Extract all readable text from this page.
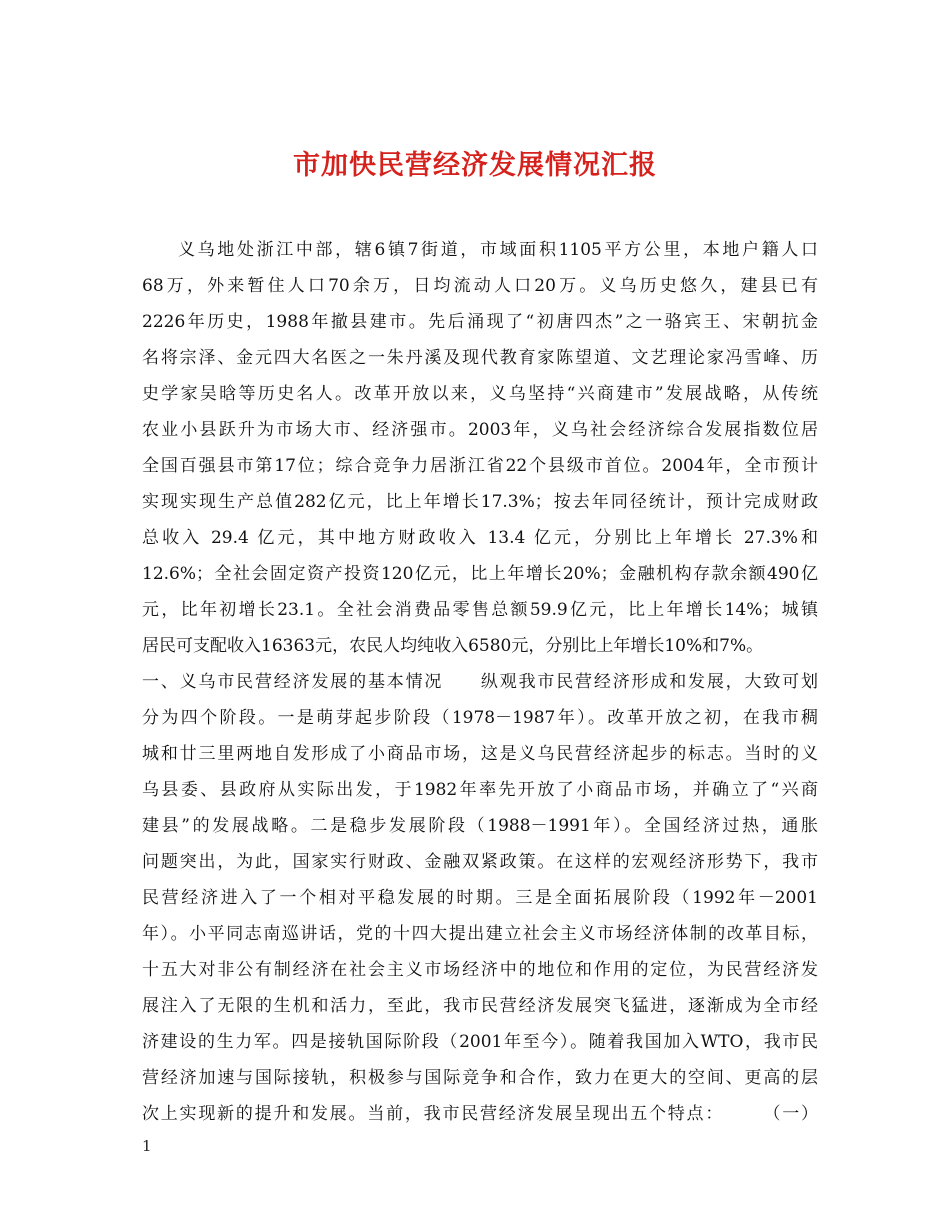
市加快民营经济发展情况汇报
义乌地处浙江中部，辖6镇7街道，市域面积1105平方公里，本地户籍人口
68万，外来暂住人口70余万，日均流动人口20万。义乌历史悠久，建县已有
2226年历史，1988年撤县建市。先后涌现了“初唐四杰”之一骆宾王、宋朝抗金
名将宗泽、金元四大名医之一朱丹溪及现代教育家陈望道、文艺理论家冯雪峰、历
史学家吴晗等历史名人。改革开放以来，义乌坚持“兴商建市”发展战略，从传统
农业小县跃升为市场大市、经济强市。2003年，义乌社会经济综合发展指数位居
全国百强县市第17位；综合竞争力居浙江省22个县级市首位。2004年，全市预计
实现实现生产总值282亿元，比上年增长17.3%；按去年同径统计，预计完成财政
总收入 29.4 亿元，其中地方财政收入 13.4 亿元，分别比上年增长 27.3%和
12.6%；全社会固定资产投资120亿元，比上年增长20%；金融机构存款余额490亿
元，比年初增长23.1。全社会消费品零售总额59.9亿元，比上年增长14%；城镇
居民可支配收入16363元，农民人均纯收入6580元，分别比上年增长10%和7%。
一、义乌市民营经济发展的基本情况　　纵观我市民营经济形成和发展，大致可划
分为四个阶段。一是萌芽起步阶段（1978－1987年）。改革开放之初，在我市稠
城和廿三里两地自发形成了小商品市场，这是义乌民营经济起步的标志。当时的义
乌县委、县政府从实际出发，于1982年率先开放了小商品市场，并确立了“兴商
建县”的发展战略。二是稳步发展阶段（1988－1991年）。全国经济过热，通胀
问题突出，为此，国家实行财政、金融双紧政策。在这样的宏观经济形势下，我市
民营经济进入了一个相对平稳发展的时期。三是全面拓展阶段（1992年－2001
年）。小平同志南巡讲话，党的十四大提出建立社会主义市场经济体制的改革目标，
十五大对非公有制经济在社会主义市场经济中的地位和作用的定位，为民营经济发
展注入了无限的生机和活力，至此，我市民营经济发展突飞猛进，逐渐成为全市经
济建设的生力军。四是接轨国际阶段（2001年至今）。随着我国加入WTO，我市民
营经济加速与国际接轨，积极参与国际竞争和合作，致力在更大的空间、更高的层
次上实现新的提升和发展。当前，我市民营经济发展呈现出五个特点：　　　（一）
1
